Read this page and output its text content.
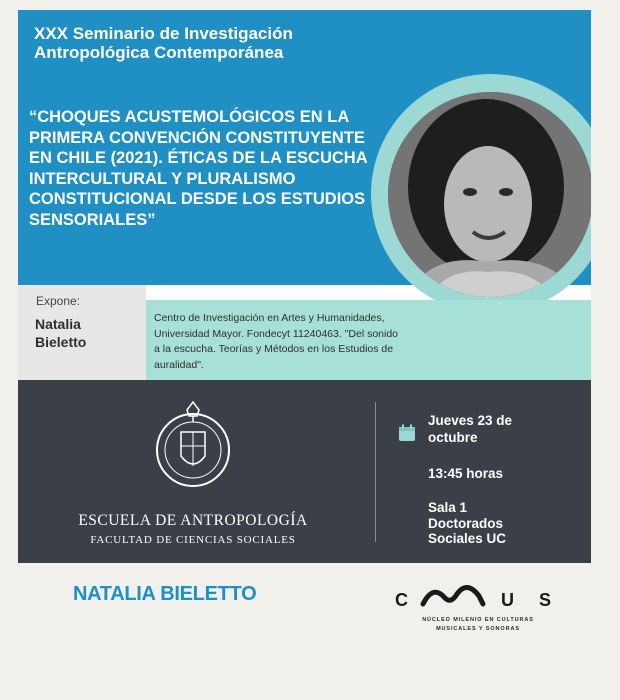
XXX Seminario de Investigación
Antropológica Contemporánea
“CHOQUES ACUSTEMOLÓGICOS EN LA PRIMERA CONVENCIÓN CONSTITUYENTE EN CHILE (2021). ÉTICAS DE LA ESCUCHA INTERCULTURAL Y PLURALISMO CONSTITUCIONAL DESDE LOS ESTUDIOS SENSORIALES”
Expone:
Natalia
Bieletto
Centro de Investigación en Artes y Humanidades, Universidad Mayor. Fondecyt 11240463. "Del sonido a la escucha. Teorías y Métodos en los Estudios de auralidad".
ESCUELA DE ANTROPOLOGÍA
FACULTAD DE CIENCIAS SOCIALES
Jueves 23 de octubre
13:45 horas
Sala 1
Doctorados
Sociales UC
NATALIA BIELETTO	C	U S
NÚCLEO MILENIO EN CULTURAS
MUSICALES Y SONORAS
